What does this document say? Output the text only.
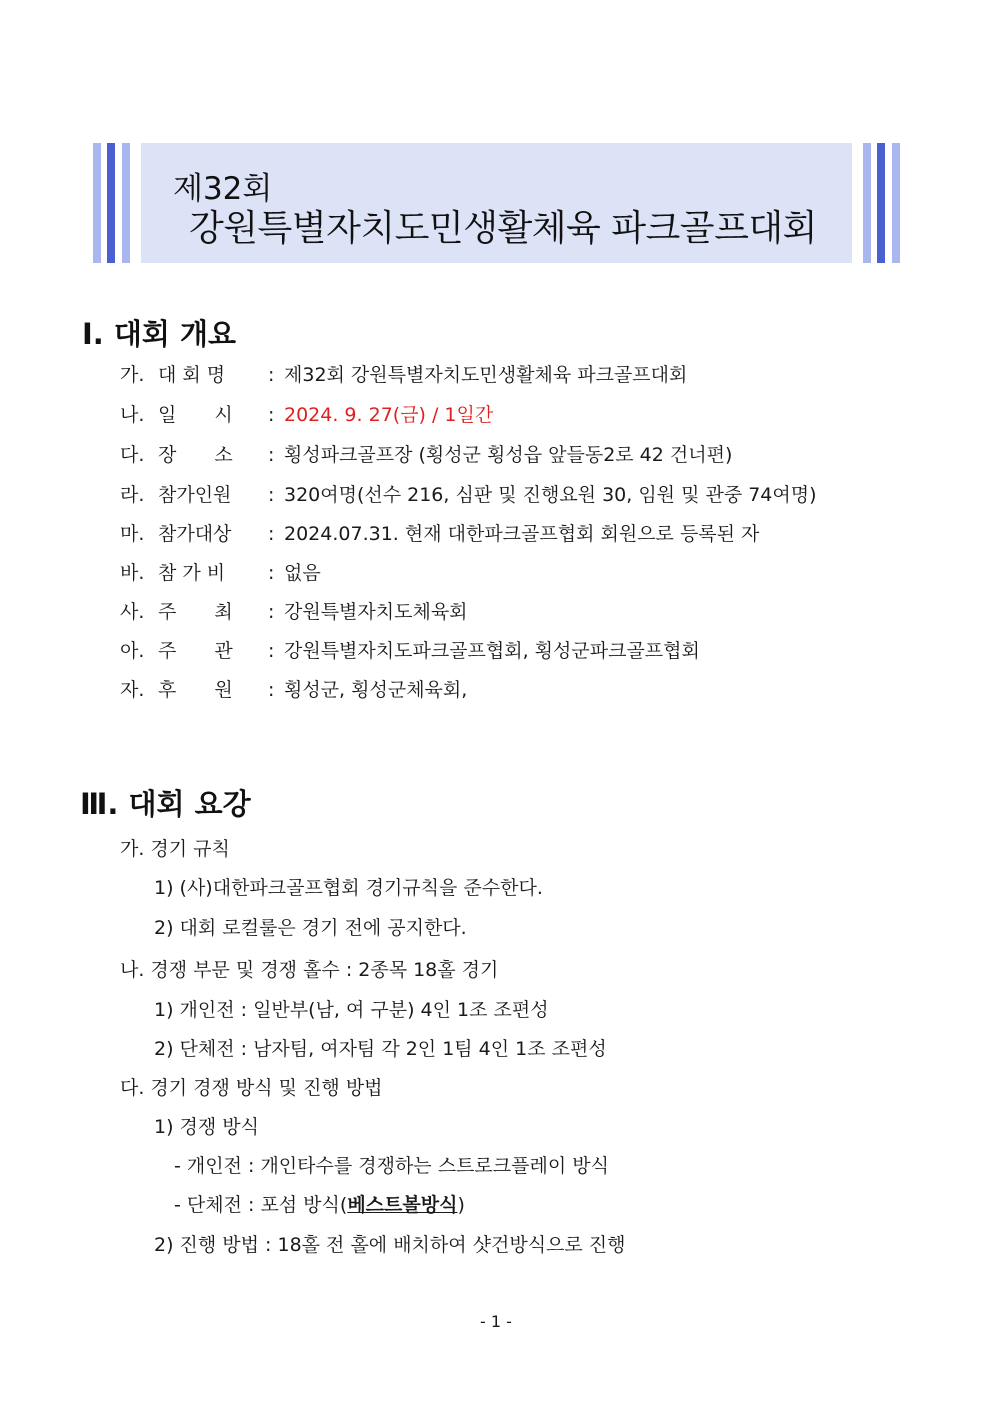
제32회
강원특별자치도민생활체육 파크골프대회
Ⅰ. 대회 개요
가. 대 회 명 : 제32회 강원특별자치도민생활체육 파크골프대회
나. 일　　시 : 2024. 9. 27(금) / 1일간
다. 장　　소 : 횡성파크골프장 (횡성군 횡성읍 앞들동2로 42 건너편)
라. 참가인원 : 320여명(선수 216, 심판 및 진행요원 30, 임원 및 관중 74여명)
마. 참가대상 : 2024.07.31. 현재 대한파크골프협회 회원으로 등록된 자
바. 참 가 비 : 없음
사. 주　　최 : 강원특별자치도체육회
아. 주　　관 : 강원특별자치도파크골프협회, 횡성군파크골프협회
자. 후　　원 : 횡성군, 횡성군체육회,
Ⅲ. 대회 요강
가. 경기 규칙
1) (사)대한파크골프협회 경기규칙을 준수한다.
2) 대회 로컬룰은 경기 전에 공지한다.
나. 경쟁 부문 및 경쟁 홀수 : 2종목 18홀 경기
1) 개인전 : 일반부(남, 여 구분) 4인 1조 조편성
2) 단체전 : 남자팀, 여자팀 각 2인 1팀 4인 1조 조편성
다. 경기 경쟁 방식 및 진행 방법
1) 경쟁 방식
- 개인전 : 개인타수를 경쟁하는 스트로크플레이 방식
- 단체전 : 포섬 방식(베스트볼방식)
2) 진행 방법 : 18홀 전 홀에 배치하여 샷건방식으로 진행
- 1 -
